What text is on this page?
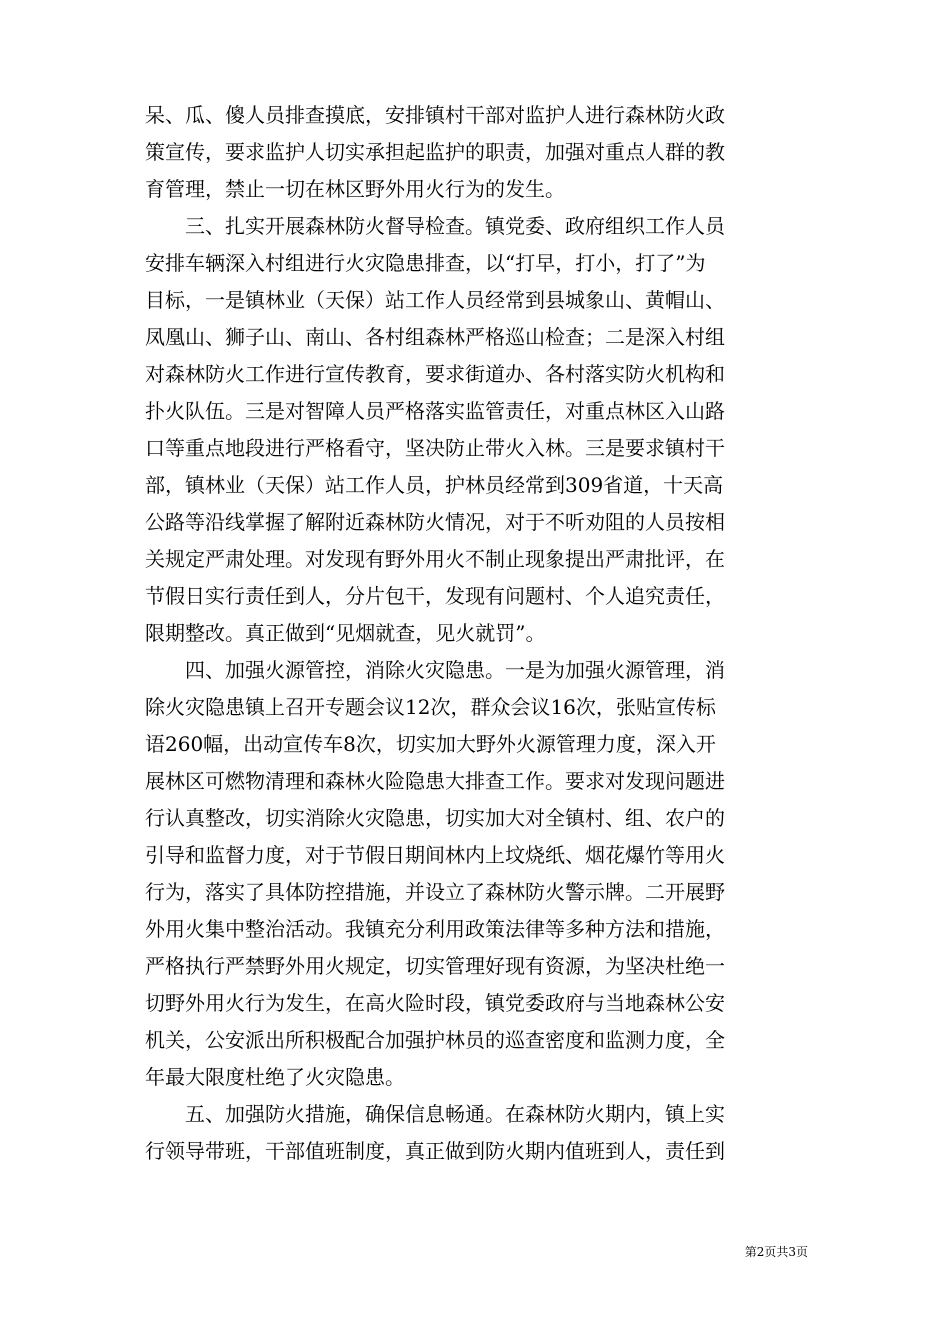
呆、瓜、傻人员排查摸底，安排镇村干部对监护人进行森林防火政
策宣传，要求监护人切实承担起监护的职责，加强对重点人群的教
育管理，禁止一切在林区野外用火行为的发生。
三、扎实开展森林防火督导检查。镇党委、政府组织工作人员
安排车辆深入村组进行火灾隐患排查，以“打早，打小，打了”为
目标，一是镇林业（天保）站工作人员经常到县城象山、黄帽山、
凤凰山、狮子山、南山、各村组森林严格巡山检查；二是深入村组
对森林防火工作进行宣传教育，要求街道办、各村落实防火机构和
扑火队伍。三是对智障人员严格落实监管责任，对重点林区入山路
口等重点地段进行严格看守，坚决防止带火入林。三是要求镇村干
部，镇林业（天保）站工作人员，护林员经常到309省道，十天高
公路等沿线掌握了解附近森林防火情况，对于不听劝阻的人员按相
关规定严肃处理。对发现有野外用火不制止现象提出严肃批评，在
节假日实行责任到人，分片包干，发现有问题村、个人追究责任，
限期整改。真正做到“见烟就查，见火就罚”。
四、加强火源管控，消除火灾隐患。一是为加强火源管理，消
除火灾隐患镇上召开专题会议12次，群众会议16次，张贴宣传标
语260幅，出动宣传车8次，切实加大野外火源管理力度，深入开
展林区可燃物清理和森林火险隐患大排查工作。要求对发现问题进
行认真整改，切实消除火灾隐患，切实加大对全镇村、组、农户的
引导和监督力度，对于节假日期间林内上坟烧纸、烟花爆竹等用火
行为，落实了具体防控措施，并设立了森林防火警示牌。二开展野
外用火集中整治活动。我镇充分利用政策法律等多种方法和措施，
严格执行严禁野外用火规定，切实管理好现有资源，为坚决杜绝一
切野外用火行为发生，在高火险时段，镇党委政府与当地森林公安
机关，公安派出所积极配合加强护林员的巡查密度和监测力度，全
年最大限度杜绝了火灾隐患。
五、加强防火措施，确保信息畅通。在森林防火期内，镇上实
行领导带班，干部值班制度，真正做到防火期内值班到人，责任到
第2页共3页
